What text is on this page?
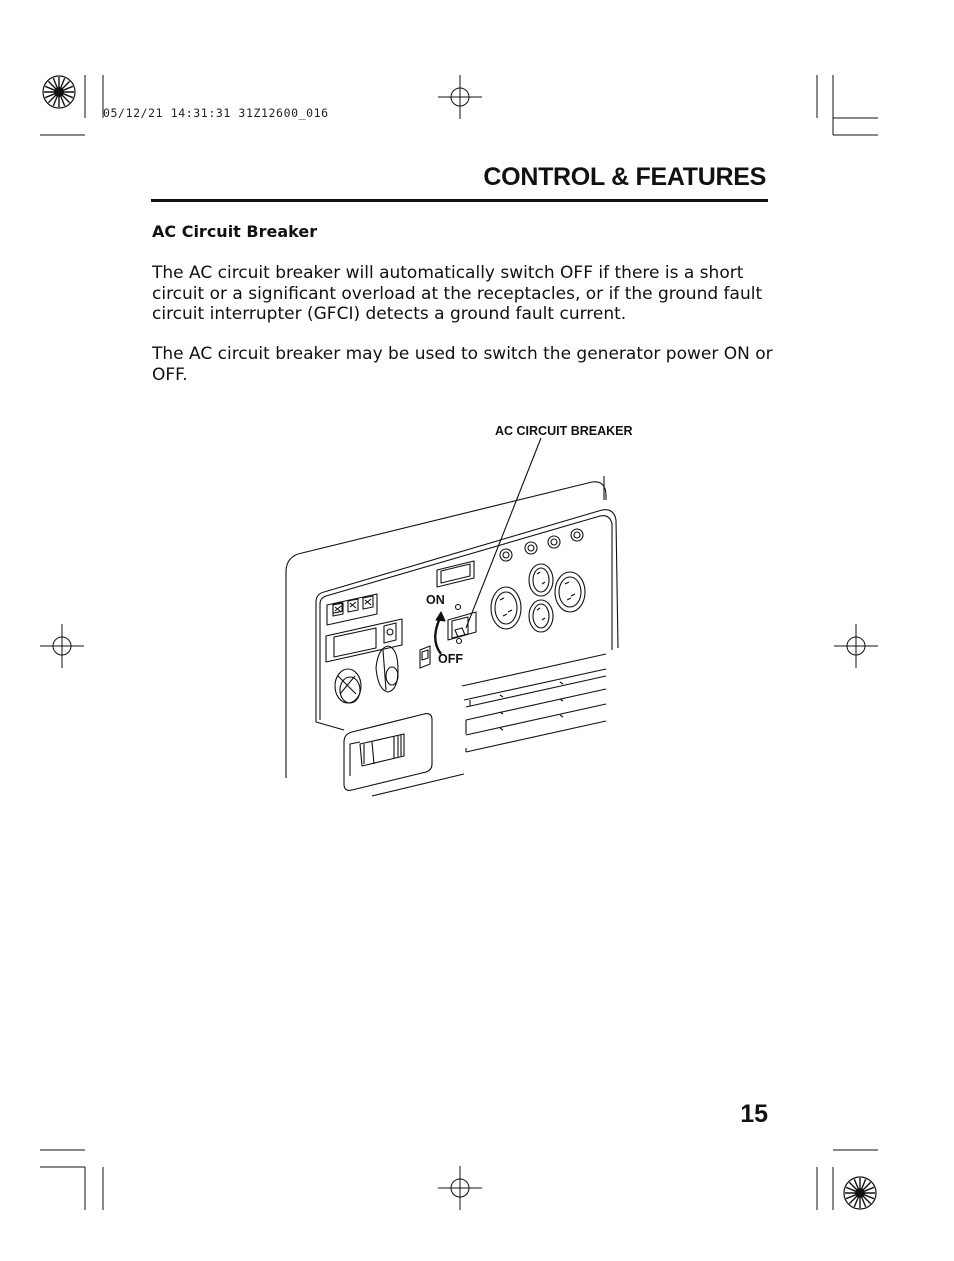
05/12/21 14:31:31 31Z12600_016
CONTROL & FEATURES
AC Circuit Breaker

The AC circuit breaker will automatically switch OFF if there is a short circuit or a significant overload at the receptacles, or if the ground fault circuit interrupter (GFCI) detects a ground fault current.

The AC circuit breaker may be used to switch the generator power ON or OFF.

AC CIRCUIT BREAKER
ON
OFF
15
